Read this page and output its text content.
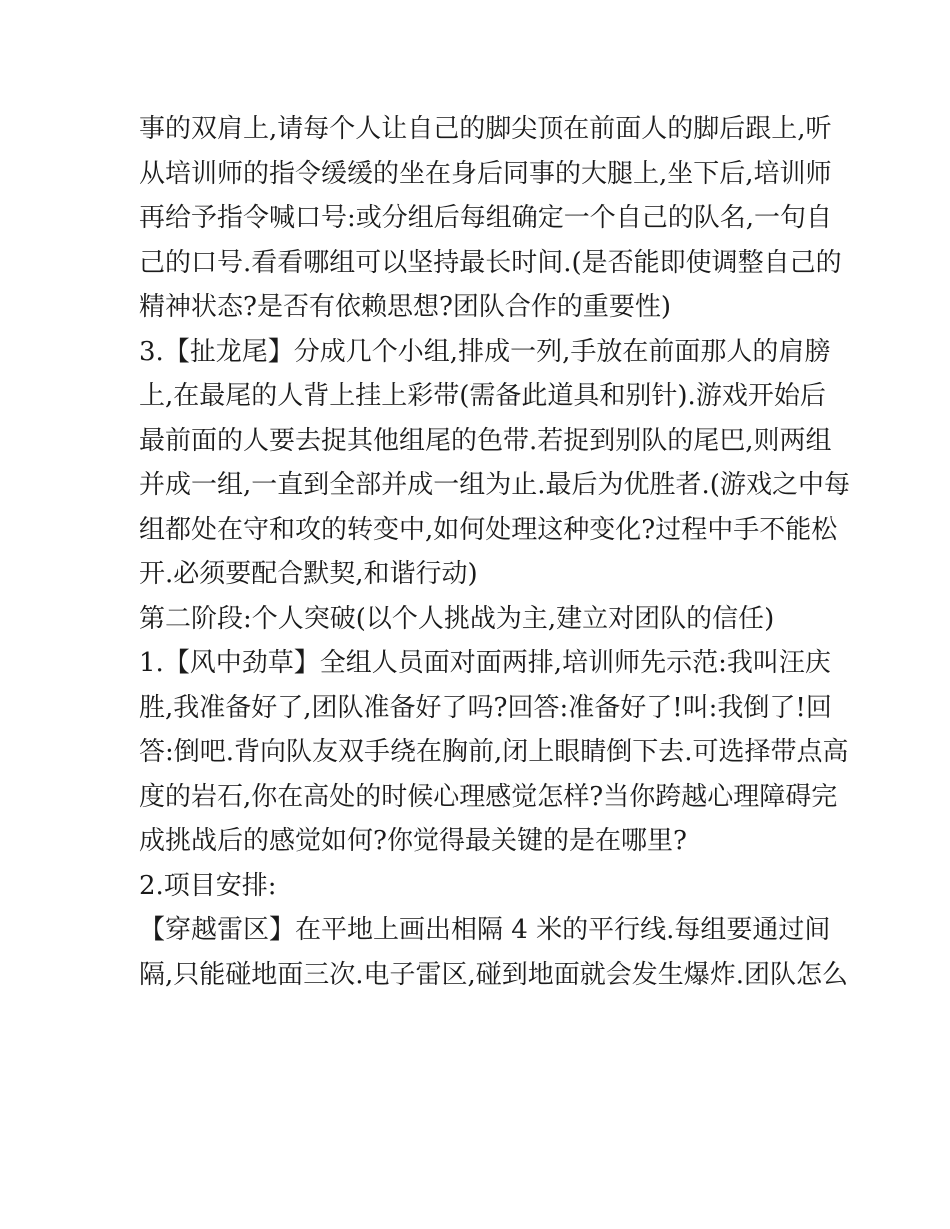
事的双肩上,请每个人让自己的脚尖顶在前面人的脚后跟上,听
从培训师的指令缓缓的坐在身后同事的大腿上,坐下后,培训师
再给予指令喊口号:或分组后每组确定一个自己的队名,一句自
己的口号.看看哪组可以坚持最长时间.(是否能即使调整自己的
精神状态?是否有依赖思想?团队合作的重要性)
3.【扯龙尾】分成几个小组,排成一列,手放在前面那人的肩膀
上,在最尾的人背上挂上彩带(需备此道具和别针).游戏开始后
最前面的人要去捉其他组尾的色带.若捉到别队的尾巴,则两组
并成一组,一直到全部并成一组为止.最后为优胜者.(游戏之中每
组都处在守和攻的转变中,如何处理这种变化?过程中手不能松
开.必须要配合默契,和谐行动)
第二阶段:个人突破(以个人挑战为主,建立对团队的信任)
1.【风中劲草】全组人员面对面两排,培训师先示范:我叫汪庆
胜,我准备好了,团队准备好了吗?回答:准备好了!叫:我倒了!回
答:倒吧.背向队友双手绕在胸前,闭上眼睛倒下去.可选择带点高
度的岩石,你在高处的时候心理感觉怎样?当你跨越心理障碍完
成挑战后的感觉如何?你觉得最关键的是在哪里?
2.项目安排:
【穿越雷区】在平地上画出相隔 4 米的平行线.每组要通过间
隔,只能碰地面三次.电子雷区,碰到地面就会发生爆炸.团队怎么
